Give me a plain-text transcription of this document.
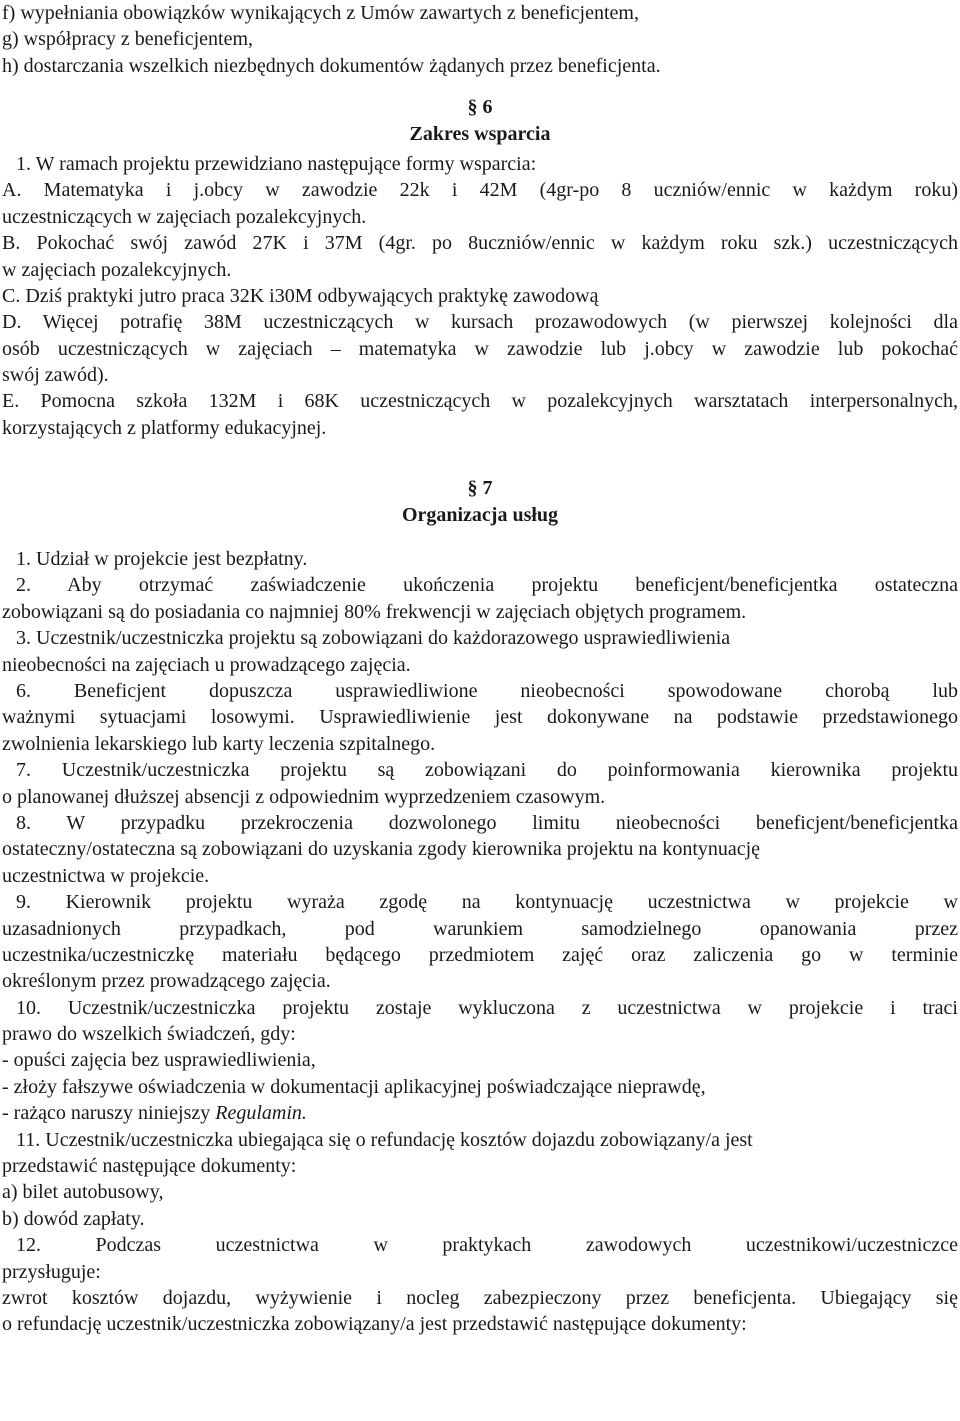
f) wypełniania obowiązków wynikających z Umów zawartych z beneficjentem,
g) współpracy z beneficjentem,
h) dostarczania wszelkich niezbędnych dokumentów żądanych przez beneficjenta.
§ 6
Zakres wsparcia
1. W ramach projektu przewidziano następujące formy wsparcia:
A. Matematyka i j.obcy w zawodzie 22k i 42M (4gr-po 8 uczniów/ennic w każdym roku)
uczestniczących w zajęciach pozalekcyjnych.
B. Pokochać swój zawód 27K i 37M (4gr. po 8uczniów/ennic w każdym roku szk.) uczestniczących
w zajęciach pozalekcyjnych.
C. Dziś praktyki jutro praca 32K i30M odbywających praktykę zawodową
D. Więcej potrafię 38M uczestniczących w kursach prozawodowych (w pierwszej kolejności dla
osób uczestniczących w zajęciach – matematyka w zawodzie lub j.obcy w zawodzie lub pokochać
swój zawód).
E. Pomocna szkoła 132M i 68K uczestniczących w pozalekcyjnych warsztatach interpersonalnych,
korzystających z platformy edukacyjnej.
§ 7
Organizacja usług
1. Udział w projekcie jest bezpłatny.
2. Aby otrzymać zaświadczenie ukończenia projektu beneficjent/beneficjentka ostateczna
zobowiązani są do posiadania co najmniej 80% frekwencji w zajęciach objętych programem.
3. Uczestnik/uczestniczka projektu są zobowiązani do każdorazowego usprawiedliwienia
nieobecności na zajęciach u prowadzącego zajęcia.
6. Beneficjent dopuszcza usprawiedliwione nieobecności spowodowane chorobą lub
ważnymi sytuacjami losowymi. Usprawiedliwienie jest dokonywane na podstawie przedstawionego
zwolnienia lekarskiego lub karty leczenia szpitalnego.
7. Uczestnik/uczestniczka projektu są zobowiązani do poinformowania kierownika projektu
o planowanej dłuższej absencji z odpowiednim wyprzedzeniem czasowym.
8. W przypadku przekroczenia dozwolonego limitu nieobecności beneficjent/beneficjentka
ostateczny/ostateczna są zobowiązani do uzyskania zgody kierownika projektu na kontynuację
uczestnictwa w projekcie.
9. Kierownik projektu wyraża zgodę na kontynuację uczestnictwa w projekcie w
uzasadnionych przypadkach, pod warunkiem samodzielnego opanowania przez
uczestnika/uczestniczkę materiału będącego przedmiotem zajęć oraz zaliczenia go w terminie
określonym przez prowadzącego zajęcia.
10. Uczestnik/uczestniczka projektu zostaje wykluczona z uczestnictwa w projekcie i traci
prawo do wszelkich świadczeń, gdy:
- opuści zajęcia bez usprawiedliwienia,
- złoży fałszywe oświadczenia w dokumentacji aplikacyjnej poświadczające nieprawdę,
- rażąco naruszy niniejszy Regulamin.
11. Uczestnik/uczestniczka ubiegająca się o refundację kosztów dojazdu zobowiązany/a jest
przedstawić następujące dokumenty:
a) bilet autobusowy,
b) dowód zapłaty.
12. Podczas uczestnictwa w praktykach zawodowych uczestnikowi/uczestniczce
przysługuje:
zwrot kosztów dojazdu, wyżywienie i nocleg zabezpieczony przez beneficjenta. Ubiegający się
o refundację uczestnik/uczestniczka zobowiązany/a jest przedstawić następujące dokumenty:
